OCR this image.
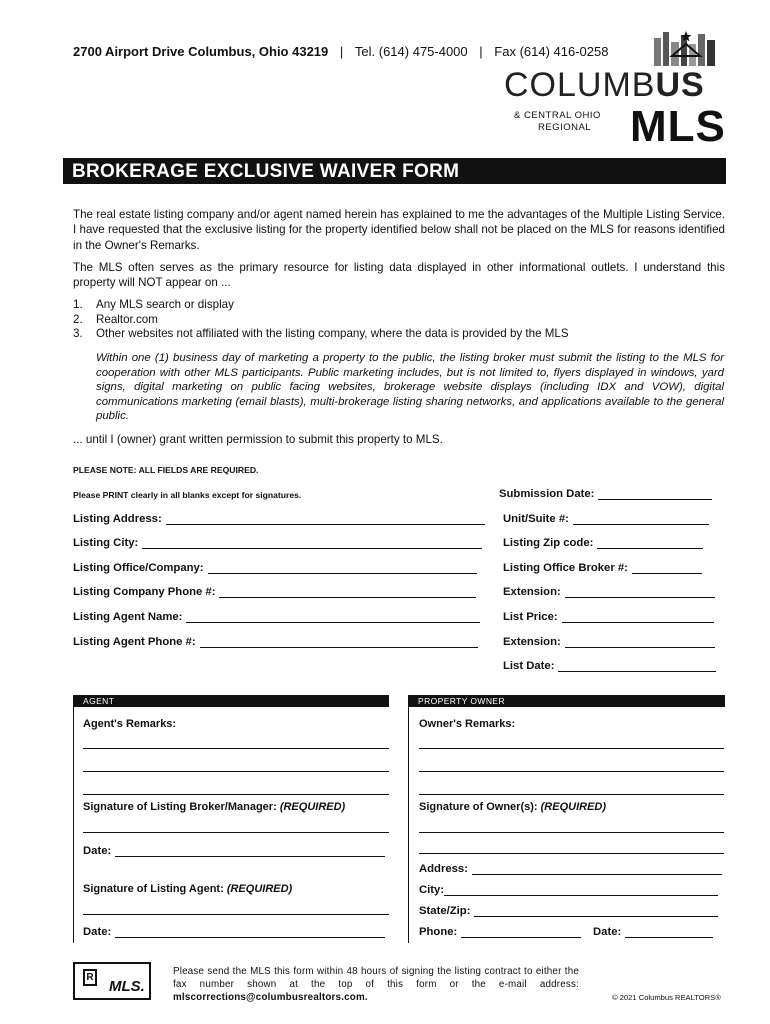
2700 Airport Drive Columbus, Ohio 43219 | Tel. (614) 475-4000 | Fax (614) 416-0258
COLUMBUS
& CENTRAL OHIO
REGIONAL MLS
BROKERAGE EXCLUSIVE WAIVER FORM
The real estate listing company and/or agent named herein has explained to me the advantages of the Multiple Listing Service. I have requested that the exclusive listing for the property identified below shall not be placed on the MLS for reasons identified in the Owner's Remarks.
The MLS often serves as the primary resource for listing data displayed in other informational outlets. I understand this property will NOT appear on ...
1.	Any MLS search or display
2.	Realtor.com
3.	Other websites not affiliated with the listing company, where the data is provided by the MLS
Within one (1) business day of marketing a property to the public, the listing broker must submit the listing to the MLS for cooperation with other MLS participants. Public marketing includes, but is not limited to, flyers displayed in windows, yard signs, digital marketing on public facing websites, brokerage website displays (including IDX and VOW), digital communications marketing (email blasts), multi-brokerage listing sharing networks, and applications available to the general public.
... until I (owner) grant written permission to submit this property to MLS.
PLEASE NOTE: ALL FIELDS ARE REQUIRED.
Please PRINT clearly in all blanks except for signatures.	Submission Date:
Listing Address:	Unit/Suite #:
Listing City:	Listing Zip code:
Listing Office/Company:	Listing Office Broker #:
Listing Company Phone #:	Extension:
Listing Agent Name:	List Price:
Listing Agent Phone #:	Extension:
List Date:
AGENT
Agent's Remarks:
Signature of Listing Broker/Manager: (REQUIRED)
Date:
Signature of Listing Agent: (REQUIRED)
Date:
PROPERTY OWNER
Owner's Remarks:
Signature of Owner(s): (REQUIRED)
Address:
City:
State/Zip:
Phone:	Date:
R
MLS.
Please send the MLS this form within 48 hours of signing the listing contract to either the fax number shown at the top of this form or the e-mail address: mlscorrections@columbusrealtors.com.	© 2021 Columbus REALTORS®
